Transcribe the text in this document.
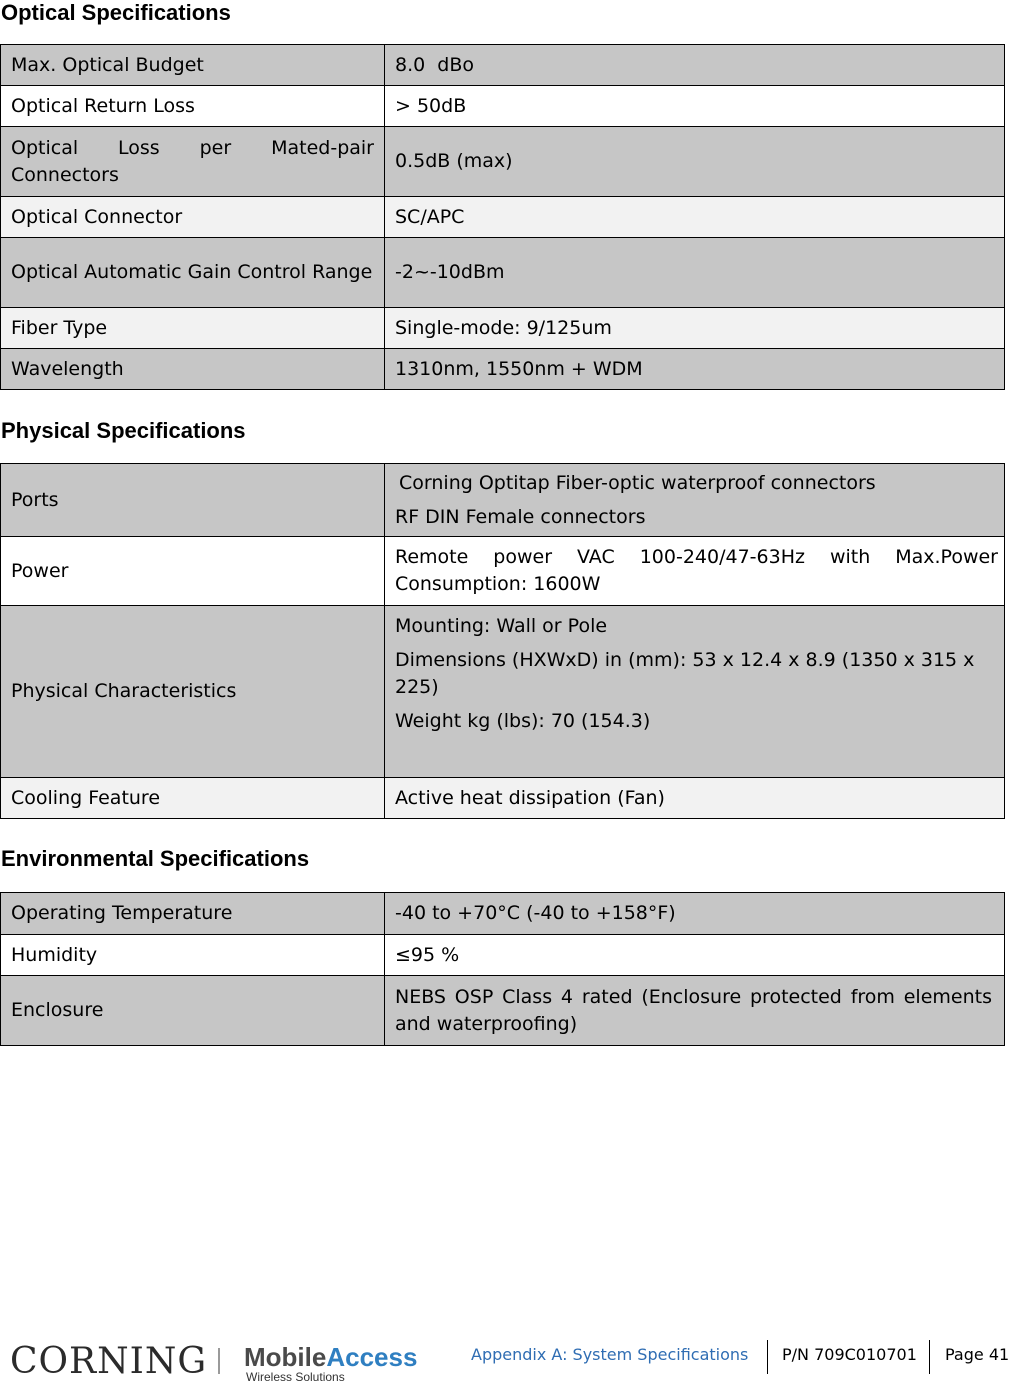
Optical Specifications
Max. Optical Budget	8.0  dBo
Optical Return Loss	> 50dB
Optical Loss per Mated-pair Connectors	0.5dB (max)
Optical Connector	SC/APC
Optical Automatic Gain Control Range	-2~-10dBm
Fiber Type	Single-mode: 9/125um
Wavelength	1310nm, 1550nm + WDM
Physical Specifications
Ports	Corning Optitap Fiber-optic waterproof connectors
RF DIN Female connectors

Power	Remote power VAC 100-240/47-63Hz with Max.Power Consumption: 1600W
Physical Characteristics	Mounting: Wall or Pole
Dimensions (HXWxD) in (mm): 53 x 12.4 x 8.9 (1350 x 315 x 225)
Weight kg (lbs): 70 (154.3)

Cooling Feature	Active heat dissipation (Fan)
Environmental Specifications
Operating Temperature	-40 to +70°C (-40 to +158°F)
Humidity	≤95 %
Enclosure	NEBS OSP Class 4 rated (Enclosure protected from elements and waterproofing)
CORNING MobileAccess
Wireless Solutions
Appendix A: System Specifications P/N 709C010701 Page 41
